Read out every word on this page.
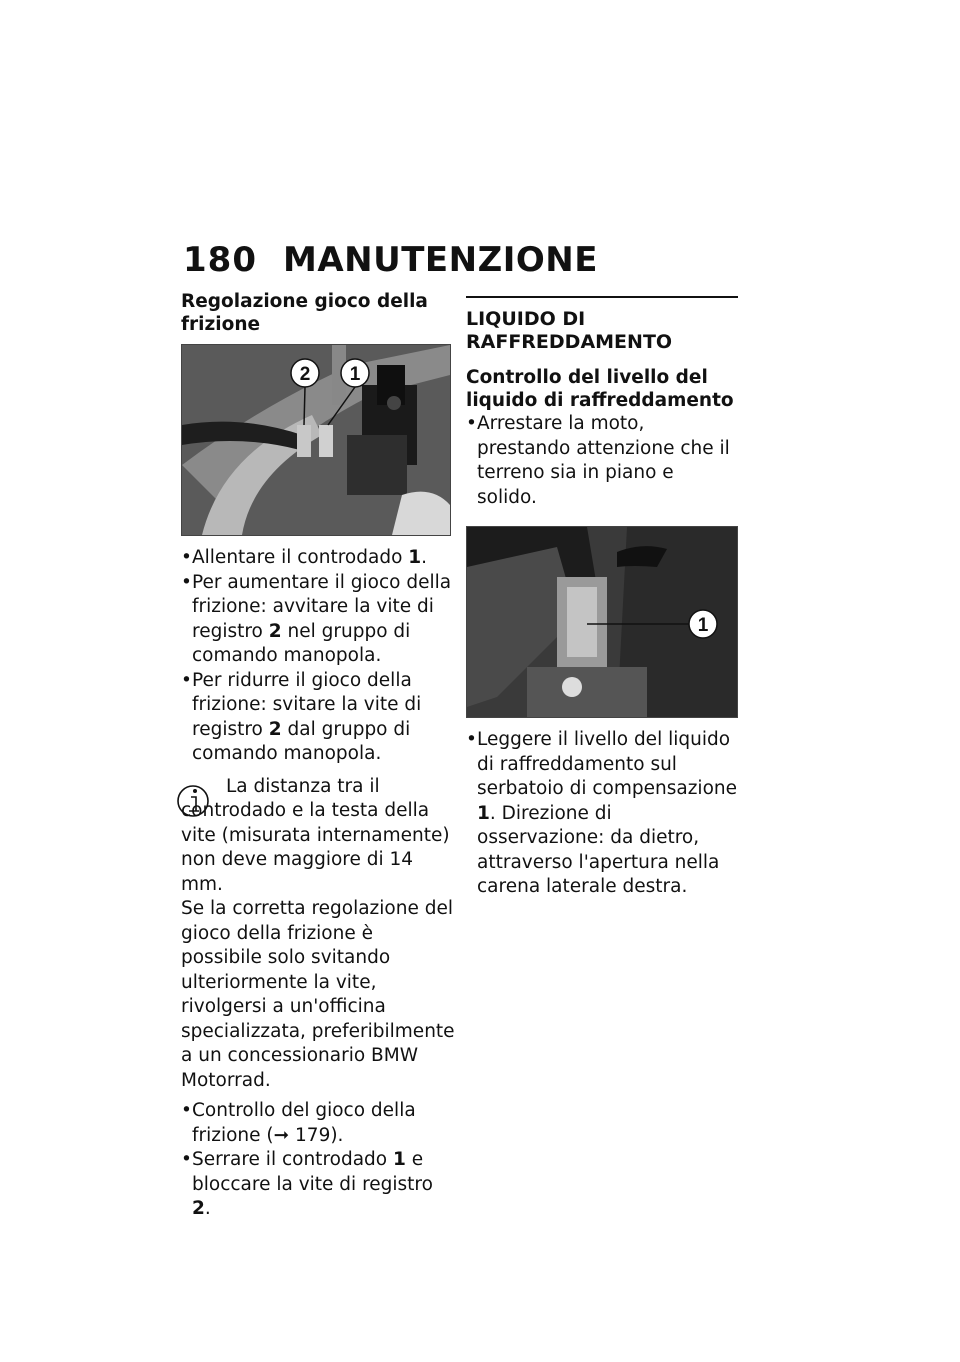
180 MANUTENZIONE
Regolazione gioco della frizione
2 1
• Allentare il controdado 1.
• Per aumentare il gioco della frizione: avvitare la vite di registro 2 nel gruppo di comando manopola.
• Per ridurre il gioco della frizione: svitare la vite di registro 2 dal gruppo di comando manopola.

La distanza tra il controdado e la testa della vite (misurata internamente) non deve maggiore di 14 mm.

Se la corretta regolazione del gioco della frizione è possibile solo svitando ulteriormente la vite, rivolgersi a un'officina specializzata, preferibilmente a un concessionario BMW Motorrad.

• Controllo del gioco della frizione (➞ 179).
• Serrare il controdado 1 e bloccare la vite di registro 2.
LIQUIDO DI RAFFREDDAMENTO
Controllo del livello del liquido di raffreddamento
• Arrestare la moto, prestando attenzione che il terreno sia in piano e solido.
1
• Leggere il livello del liquido di raffreddamento sul serbatoio di compensazione 1. Direzione di osservazione: da dietro, attraverso l'apertura nella carena laterale destra.
